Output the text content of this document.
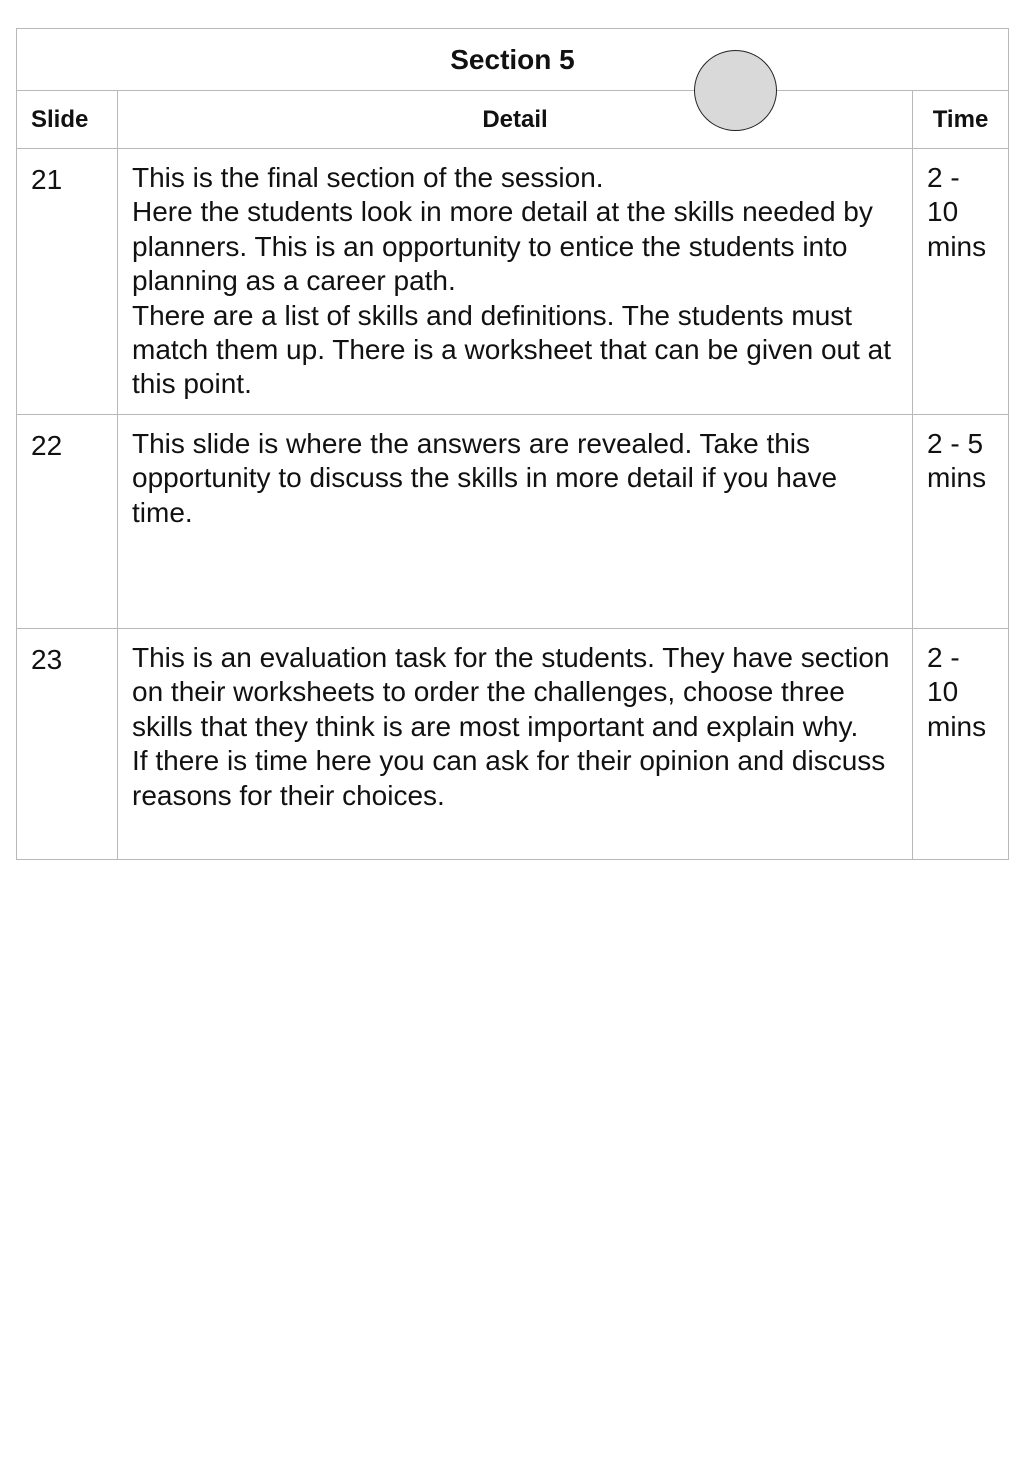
Section 5		
Slide	Detail	Time
21	This is the final section of the session.
Here the students look in more detail at the skills needed by planners. This is an opportunity to entice the students into planning as a career path.
There are a list of skills and definitions. The students must match them up. There is a worksheet that can be given out at this point.	2 - 10 mins
22	This slide is where the answers are revealed. Take this opportunity to discuss the skills in more detail if you have time.	2 - 5 mins
23	This is an evaluation task for the students. They have section on their worksheets to order the challenges, choose three skills that they think is are most important and explain why.
If there is time here you can ask for their opinion and discuss reasons for their choices.	2 - 10 mins
